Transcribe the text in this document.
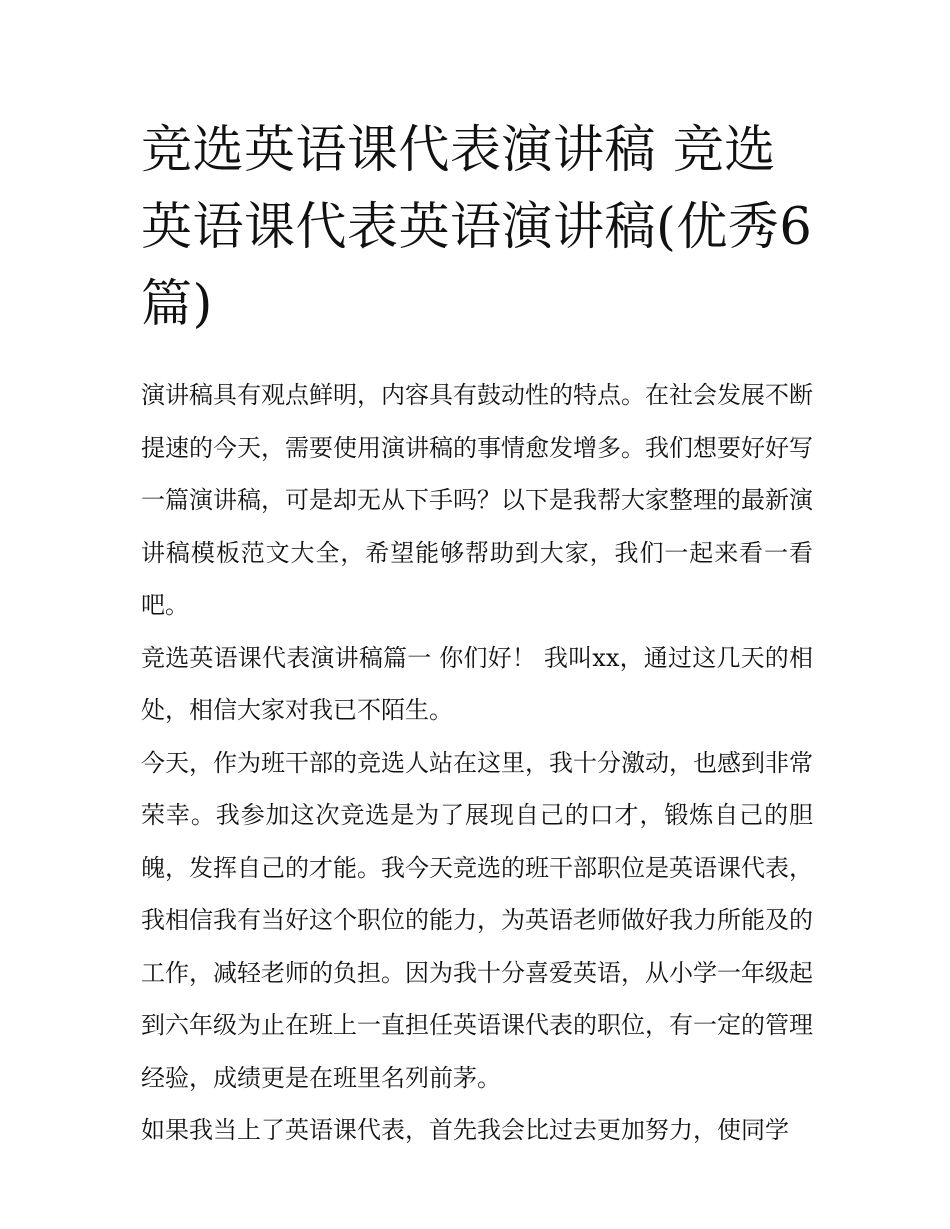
竞选英语课代表演讲稿 竞选英语课代表英语演讲稿(优秀6篇)

演讲稿具有观点鲜明，内容具有鼓动性的特点。在社会发展不断提速的今天，需要使用演讲稿的事情愈发增多。我们想要好好写一篇演讲稿，可是却无从下手吗？以下是我帮大家整理的最新演讲稿模板范文大全，希望能够帮助到大家，我们一起来看一看吧。

竞选英语课代表演讲稿篇一 你们好！ 我叫xx，通过这几天的相处，相信大家对我已不陌生。

今天，作为班干部的竞选人站在这里，我十分激动，也感到非常荣幸。我参加这次竞选是为了展现自己的口才，锻炼自己的胆魄，发挥自己的才能。我今天竞选的班干部职位是英语课代表，我相信我有当好这个职位的能力，为英语老师做好我力所能及的工作，减轻老师的负担。因为我十分喜爱英语，从小学一年级起到六年级为止在班上一直担任英语课代表的职位，有一定的管理经验，成绩更是在班里名列前茅。

如果我当上了英语课代表，首先我会比过去更加努力，使同学
